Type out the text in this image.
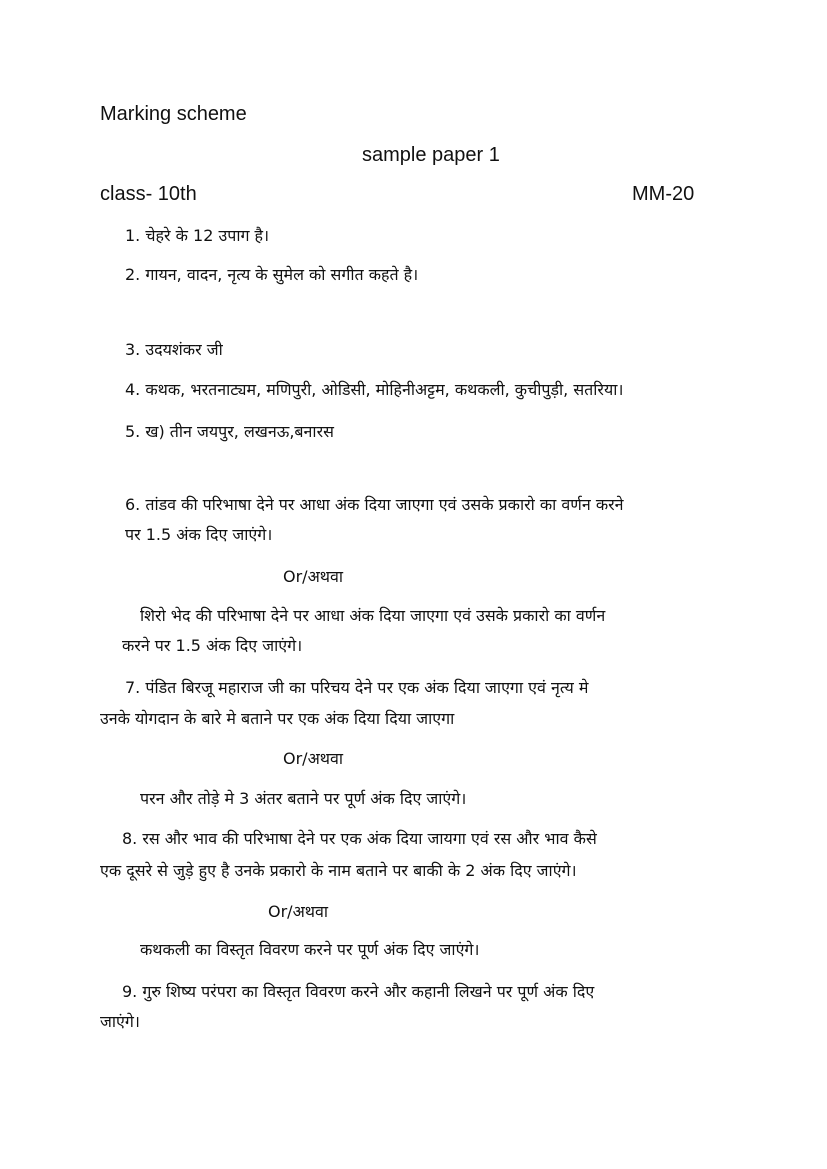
Marking scheme
sample paper 1
class- 10th	MM-20
1. चेहरे के 12 उपाग है।
2. गायन, वादन, नृत्य के सुमेल को सगीत कहते है।
3. उदयशंकर जी
4. कथक, भरतनाट्यम, मणिपुरी, ओडिसी, मोहिनीअट्टम, कथकली, कुचीपुड़ी, सतरिया।
5. ख) तीन जयपुर, लखनऊ,बनारस
6. तांडव की परिभाषा देने पर आधा अंक दिया जाएगा एवं उसके प्रकारो का वर्णन करने
पर 1.5 अंक दिए जाएंगे।
Or/अथवा
शिरो भेद की परिभाषा देने पर आधा अंक दिया जाएगा एवं उसके प्रकारो का वर्णन
करने पर 1.5 अंक दिए जाएंगे।
7. पंडित बिरजू महाराज जी का परिचय देने पर एक अंक दिया जाएगा एवं नृत्य मे
उनके योगदान के बारे मे बताने पर एक अंक दिया दिया जाएगा
Or/अथवा
परन और तोड़े मे 3 अंतर बताने पर पूर्ण अंक दिए जाएंगे।
8. रस और भाव की परिभाषा देने पर एक अंक दिया जायगा एवं रस और भाव कैसे
एक दूसरे से जुड़े हुए है उनके प्रकारो के नाम बताने पर बाकी के 2 अंक दिए जाएंगे।
Or/अथवा
कथकली का विस्तृत विवरण करने पर पूर्ण अंक दिए जाएंगे।
9. गुरु शिष्य परंपरा का विस्तृत विवरण करने और कहानी लिखने पर पूर्ण अंक दिए
जाएंगे।
